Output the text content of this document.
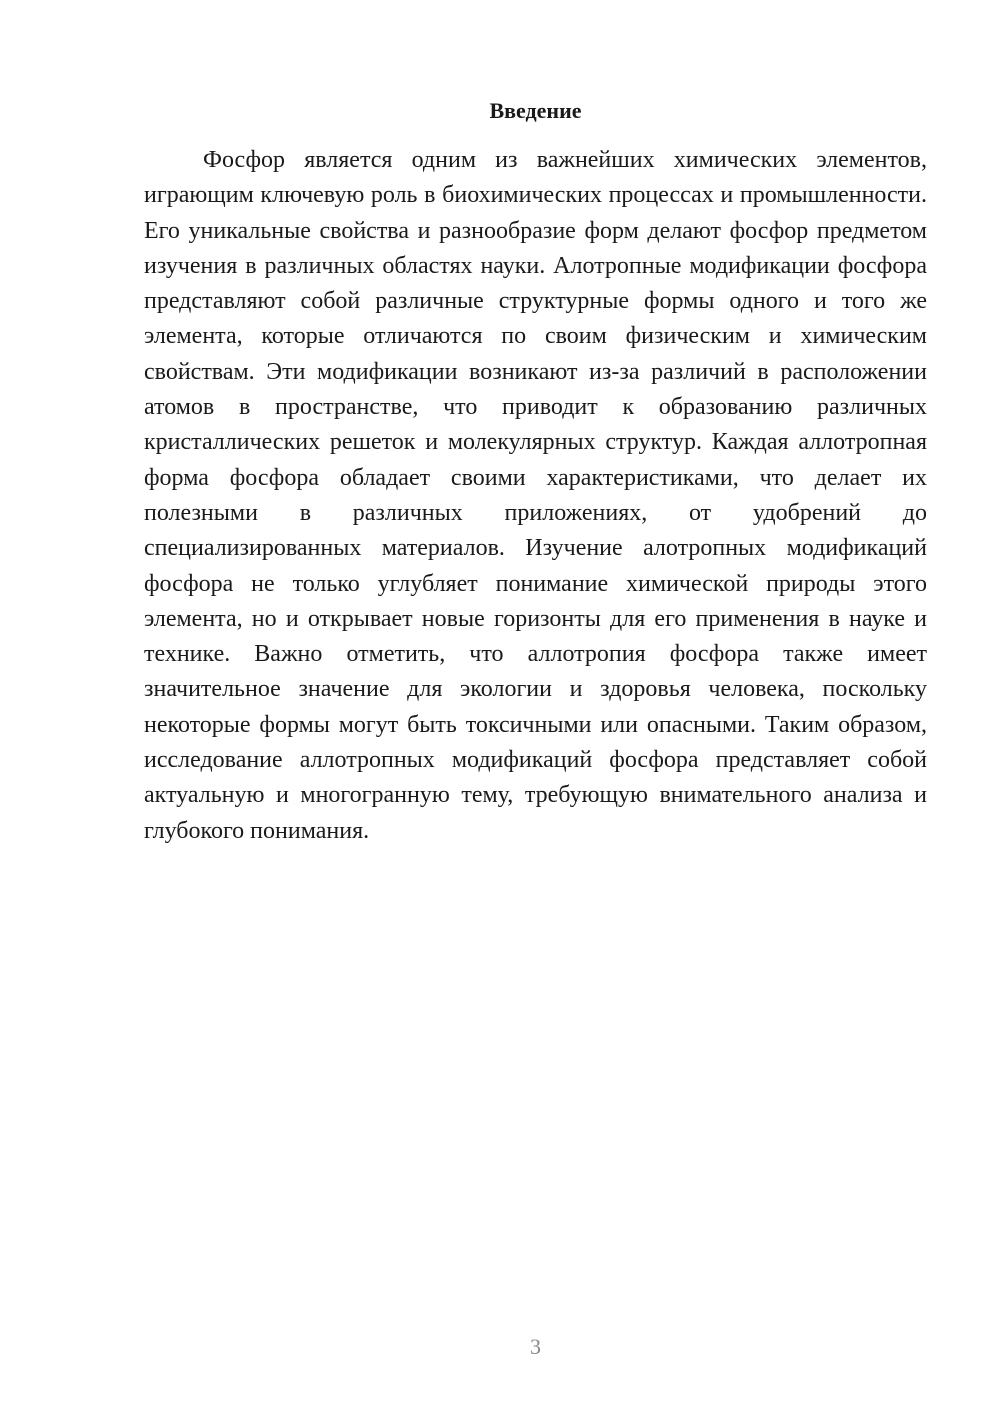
Введение

Фосфор является одним из важнейших химических элементов, играющим ключевую роль в биохимических процессах и промышленности. Его уникальные свойства и разнообразие форм делают фосфор предметом изучения в различных областях науки. Алотропные модификации фосфора представляют собой различные структурные формы одного и того же элемента, которые отличаются по своим физическим и химическим свойствам. Эти модификации возникают из-за различий в расположении атомов в пространстве, что приводит к образованию различных кристаллических решеток и молекулярных структур. Каждая аллотропная форма фосфора обладает своими характеристиками, что делает их полезными в различных приложениях, от удобрений до специализированных материалов. Изучение алотропных модификаций фосфора не только углубляет понимание химической природы этого элемента, но и открывает новые горизонты для его применения в науке и технике. Важно отметить, что аллотропия фосфора также имеет значительное значение для экологии и здоровья человека, поскольку некоторые формы могут быть токсичными или опасными. Таким образом, исследование аллотропных модификаций фосфора представляет собой актуальную и многогранную тему, требующую внимательного анализа и глубокого понимания.

3
